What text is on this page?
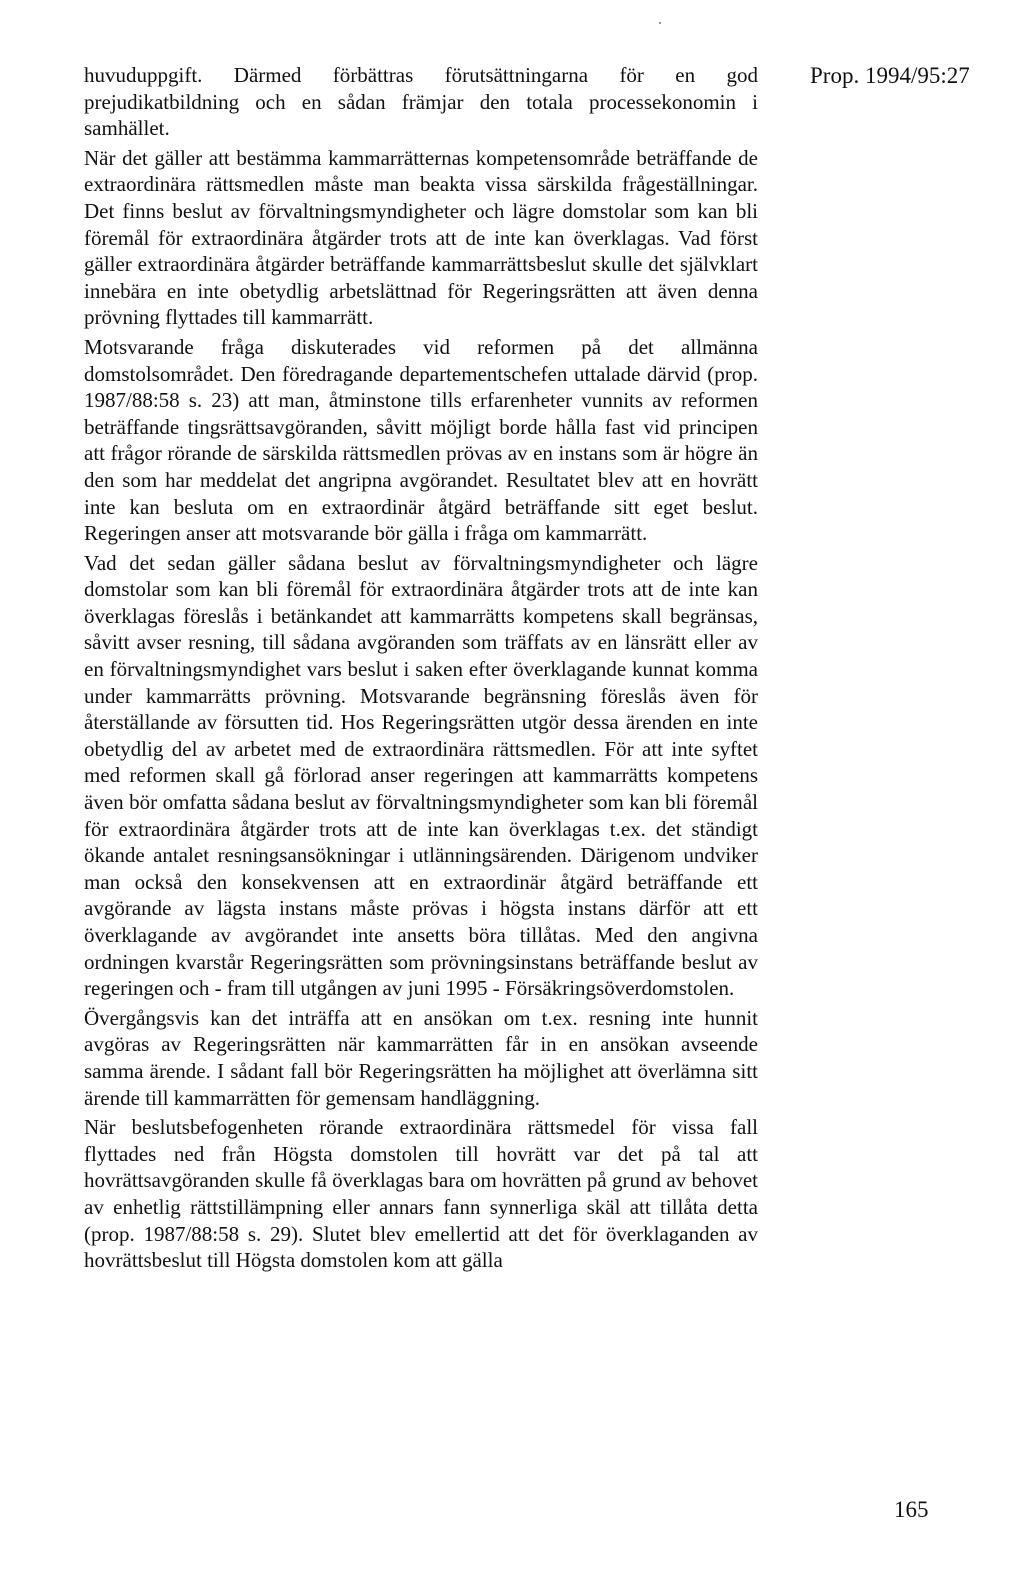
huvuduppgift. Därmed förbättras förutsättningarna för en god prejudikatbildning och en sådan främjar den totala processekonomin i samhället.

När det gäller att bestämma kammarrätternas kompetensområde beträffande de extraordinära rättsmedlen måste man beakta vissa särskilda frågeställningar. Det finns beslut av förvaltningsmyndigheter och lägre domstolar som kan bli föremål för extraordinära åtgärder trots att de inte kan överklagas. Vad först gäller extraordinära åtgärder beträffande kammarrättsbeslut skulle det självklart innebära en inte obetydlig arbetslättnad för Regeringsrätten att även denna prövning flyttades till kammarrätt.

Motsvarande fråga diskuterades vid reformen på det allmänna domstolsområdet. Den föredragande departementschefen uttalade därvid (prop. 1987/88:58 s. 23) att man, åtminstone tills erfarenheter vunnits av reformen beträffande tingsrättsavgöranden, såvitt möjligt borde hålla fast vid principen att frågor rörande de särskilda rättsmedlen prövas av en instans som är högre än den som har meddelat det angripna avgörandet. Resultatet blev att en hovrätt inte kan besluta om en extraordinär åtgärd beträffande sitt eget beslut. Regeringen anser att motsvarande bör gälla i fråga om kammarrätt.

Vad det sedan gäller sådana beslut av förvaltningsmyndigheter och lägre domstolar som kan bli föremål för extraordinära åtgärder trots att de inte kan överklagas föreslås i betänkandet att kammarrätts kompetens skall begränsas, såvitt avser resning, till sådana avgöranden som träffats av en länsrätt eller av en förvaltningsmyndighet vars beslut i saken efter överklagande kunnat komma under kammarrätts prövning. Motsvarande begränsning föreslås även för återställande av försutten tid. Hos Regeringsrätten utgör dessa ärenden en inte obetydlig del av arbetet med de extraordinära rättsmedlen. För att inte syftet med reformen skall gå förlorad anser regeringen att kammarrätts kompetens även bör omfatta sådana beslut av förvaltningsmyndigheter som kan bli föremål för extraordinära åtgärder trots att de inte kan överklagas t.ex. det ständigt ökande antalet resningsansökningar i utlänningsärenden. Därigenom undviker man också den konsekvensen att en extraordinär åtgärd beträffande ett avgörande av lägsta instans måste prövas i högsta instans därför att ett överklagande av avgörandet inte ansetts böra tillåtas. Med den angivna ordningen kvarstår Regeringsrätten som prövningsinstans beträffande beslut av regeringen och - fram till utgången av juni 1995 - Försäkringsöverdomstolen.

Övergångsvis kan det inträffa att en ansökan om t.ex. resning inte hunnit avgöras av Regeringsrätten när kammarrätten får in en ansökan avseende samma ärende. I sådant fall bör Regeringsrätten ha möjlighet att överlämna sitt ärende till kammarrätten för gemensam handläggning.

När beslutsbefogenheten rörande extraordinära rättsmedel för vissa fall flyttades ned från Högsta domstolen till hovrätt var det på tal att hovrättsavgöranden skulle få överklagas bara om hovrätten på grund av behovet av enhetlig rättstillämpning eller annars fann synnerliga skäl att tillåta detta (prop. 1987/88:58 s. 29). Slutet blev emellertid att det för överklaganden av hovrättsbeslut till Högsta domstolen kom att gälla

Prop. 1994/95:27
165
